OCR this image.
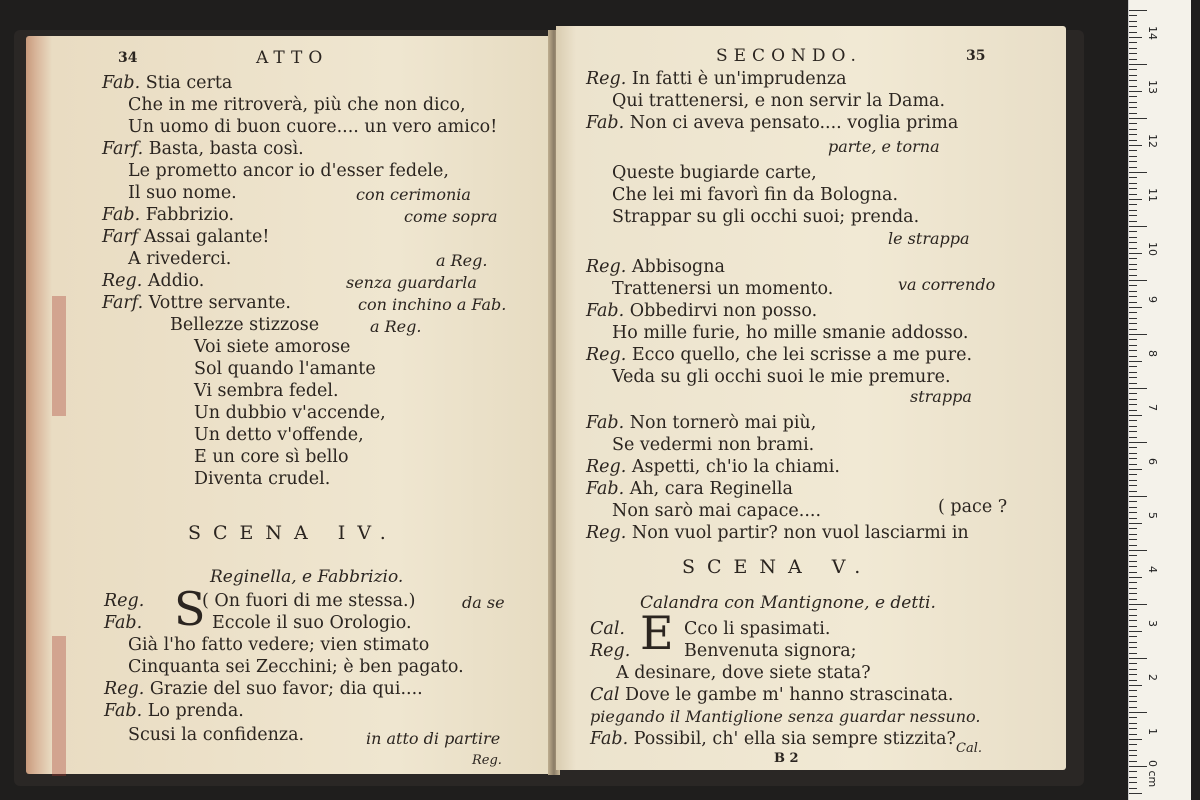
34	ATTO
Fab. Stia certa
Che in me ritroverà, più che non dico,
Un uomo di buon cuore.... un vero amico!
Farf. Basta, basta così.
Le prometto ancor io d'esser fedele,
Il suo nome.	con cerimonia
Fab. Fabbrizio.	come sopra
Farf Assai galante!
A rivederci.	a Reg.
Reg. Addio.	senza guardarla
Farf. Vottre servante.	con inchino a Fab.
Bellezze stizzose	a Reg.
Voi siete amorose
Sol quando l'amante
Vi sembra fedel.
Un dubbio v'accende,
Un detto v'offende,
E un core sì bello
Diventa crudel.
SCENA IV.
Reginella, e Fabbrizio.
Reg. S
( On fuori di me stessa.)	da se
Fab.	Eccole il suo Orologio.
Già l'ho fatto vedere; vien stimato
Cinquanta sei Zecchini; è ben pagato.
Reg. Grazie del suo favor; dia qui....
Fab. Lo prenda.
Scusi la confidenza.	in atto di partire
Reg.
SECONDO.	35
Reg. In fatti è un'imprudenza
Qui trattenersi, e non servir la Dama.
Fab. Non ci aveva pensato.... voglia prima
parte, e torna
Queste bugiarde carte,
Che lei mi favorì fin da Bologna.
Strappar su gli occhi suoi; prenda.
le strappa
Reg. Abbisogna
Trattenersi un momento.	va correndo
Fab. Obbedirvi non posso.
Ho mille furie, ho mille smanie addosso.
Reg. Ecco quello, che lei scrisse a me pure.
Veda su gli occhi suoi le mie premure.
strappa
Fab. Non tornerò mai più,
Se vedermi non brami.
Reg. Aspetti, ch'io la chiami.
Fab. Ah, cara Reginella
Non sarò mai capace....	( pace ?
Reg. Non vuol partir? non vuol lasciarmi in
SCENA V.
Calandra con Mantignone, e detti.
Cal. E Cco li spasimati.
Reg.	Benvenuta signora;
A desinare, dove siete stata?
Cal Dove le gambe m' hanno strascinata.
piegando il Mantiglione senza guardar nessuno.
Fab. Possibil, ch' ella sia sempre stizzita?
B 2
Cal.
14
13
12
11
10
9
8
7
6
5
4
3
2
1
0 cm
